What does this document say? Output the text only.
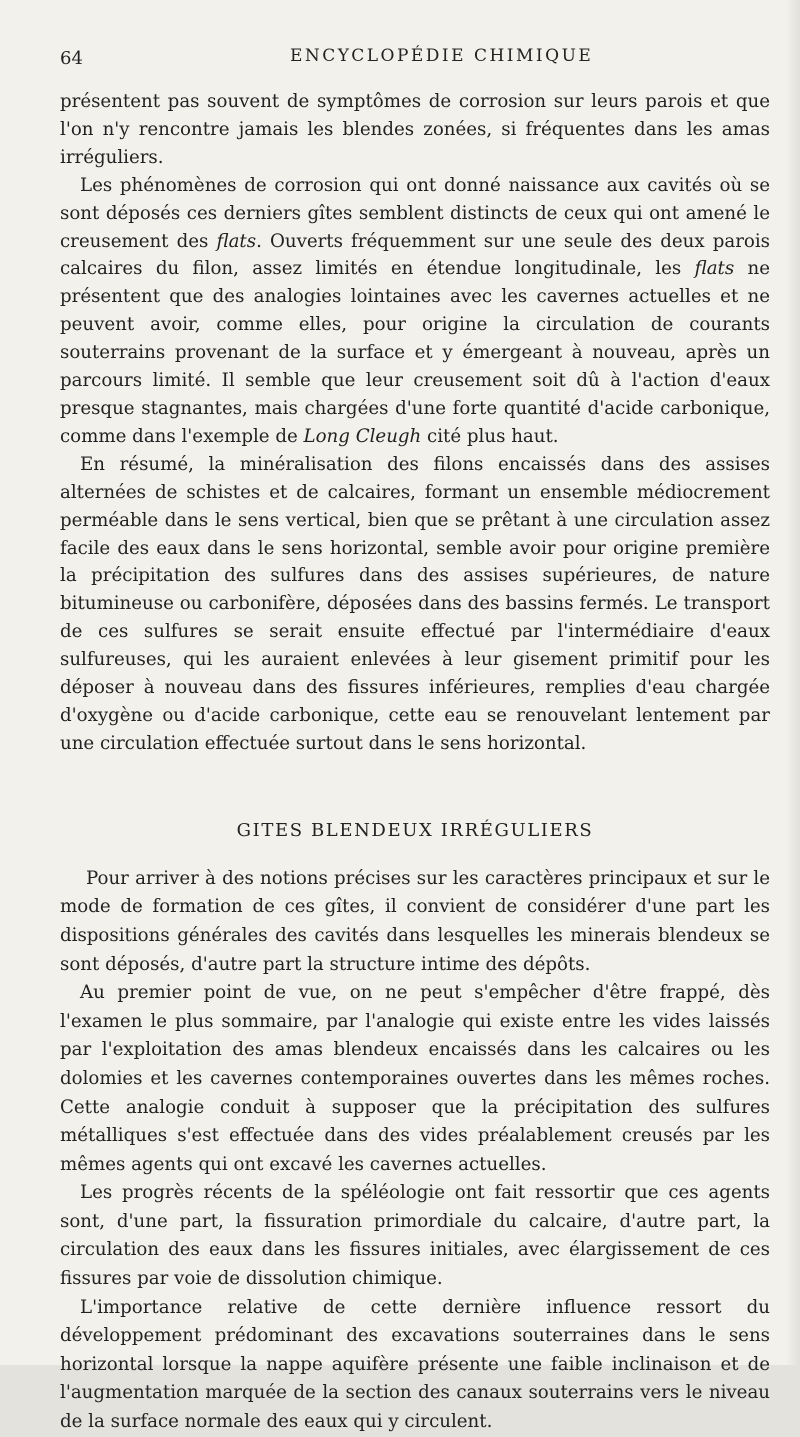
64	ENCYCLOPÉDIE CHIMIQUE

présentent pas souvent de symptômes de corrosion sur leurs parois et que l'on n'y rencontre jamais les blendes zonées, si fréquentes dans les amas irréguliers.

Les phénomènes de corrosion qui ont donné naissance aux cavités où se sont déposés ces derniers gîtes semblent distincts de ceux qui ont amené le creusement des flats. Ouverts fréquemment sur une seule des deux parois calcaires du filon, assez limités en étendue longitudinale, les flats ne présentent que des analogies lointaines avec les cavernes actuelles et ne peuvent avoir, comme elles, pour origine la circulation de courants souterrains provenant de la surface et y émergeant à nouveau, après un parcours limité. Il semble que leur creusement soit dû à l'action d'eaux presque stagnantes, mais chargées d'une forte quantité d'acide carbonique, comme dans l'exemple de Long Cleugh cité plus haut.

En résumé, la minéralisation des filons encaissés dans des assises alternées de schistes et de calcaires, formant un ensemble médiocrement perméable dans le sens vertical, bien que se prêtant à une circulation assez facile des eaux dans le sens horizontal, semble avoir pour origine première la précipitation des sulfures dans des assises supérieures, de nature bitumineuse ou carbonifère, déposées dans des bassins fermés. Le transport de ces sulfures se serait ensuite effectué par l'intermédiaire d'eaux sulfureuses, qui les auraient enlevées à leur gisement primitif pour les déposer à nouveau dans des fissures inférieures, remplies d'eau chargée d'oxygène ou d'acide carbonique, cette eau se renouvelant lentement par une circulation effectuée surtout dans le sens horizontal.

GITES BLENDEUX IRRÉGULIERS

Pour arriver à des notions précises sur les caractères principaux et sur le mode de formation de ces gîtes, il convient de considérer d'une part les dispositions générales des cavités dans lesquelles les minerais blendeux se sont déposés, d'autre part la structure intime des dépôts.

Au premier point de vue, on ne peut s'empêcher d'être frappé, dès l'examen le plus sommaire, par l'analogie qui existe entre les vides laissés par l'exploitation des amas blendeux encaissés dans les calcaires ou les dolomies et les cavernes contemporaines ouvertes dans les mêmes roches. Cette analogie conduit à supposer que la précipitation des sulfures métalliques s'est effectuée dans des vides préalablement creusés par les mêmes agents qui ont excavé les cavernes actuelles.

Les progrès récents de la spéléologie ont fait ressortir que ces agents sont, d'une part, la fissuration primordiale du calcaire, d'autre part, la circulation des eaux dans les fissures initiales, avec élargissement de ces fissures par voie de dissolution chimique.

L'importance relative de cette dernière influence ressort du développement prédominant des excavations souterraines dans le sens horizontal lorsque la nappe aquifère présente une faible inclinaison et de l'augmentation marquée de la section des canaux souterrains vers le niveau de la surface normale des eaux qui y circulent.
